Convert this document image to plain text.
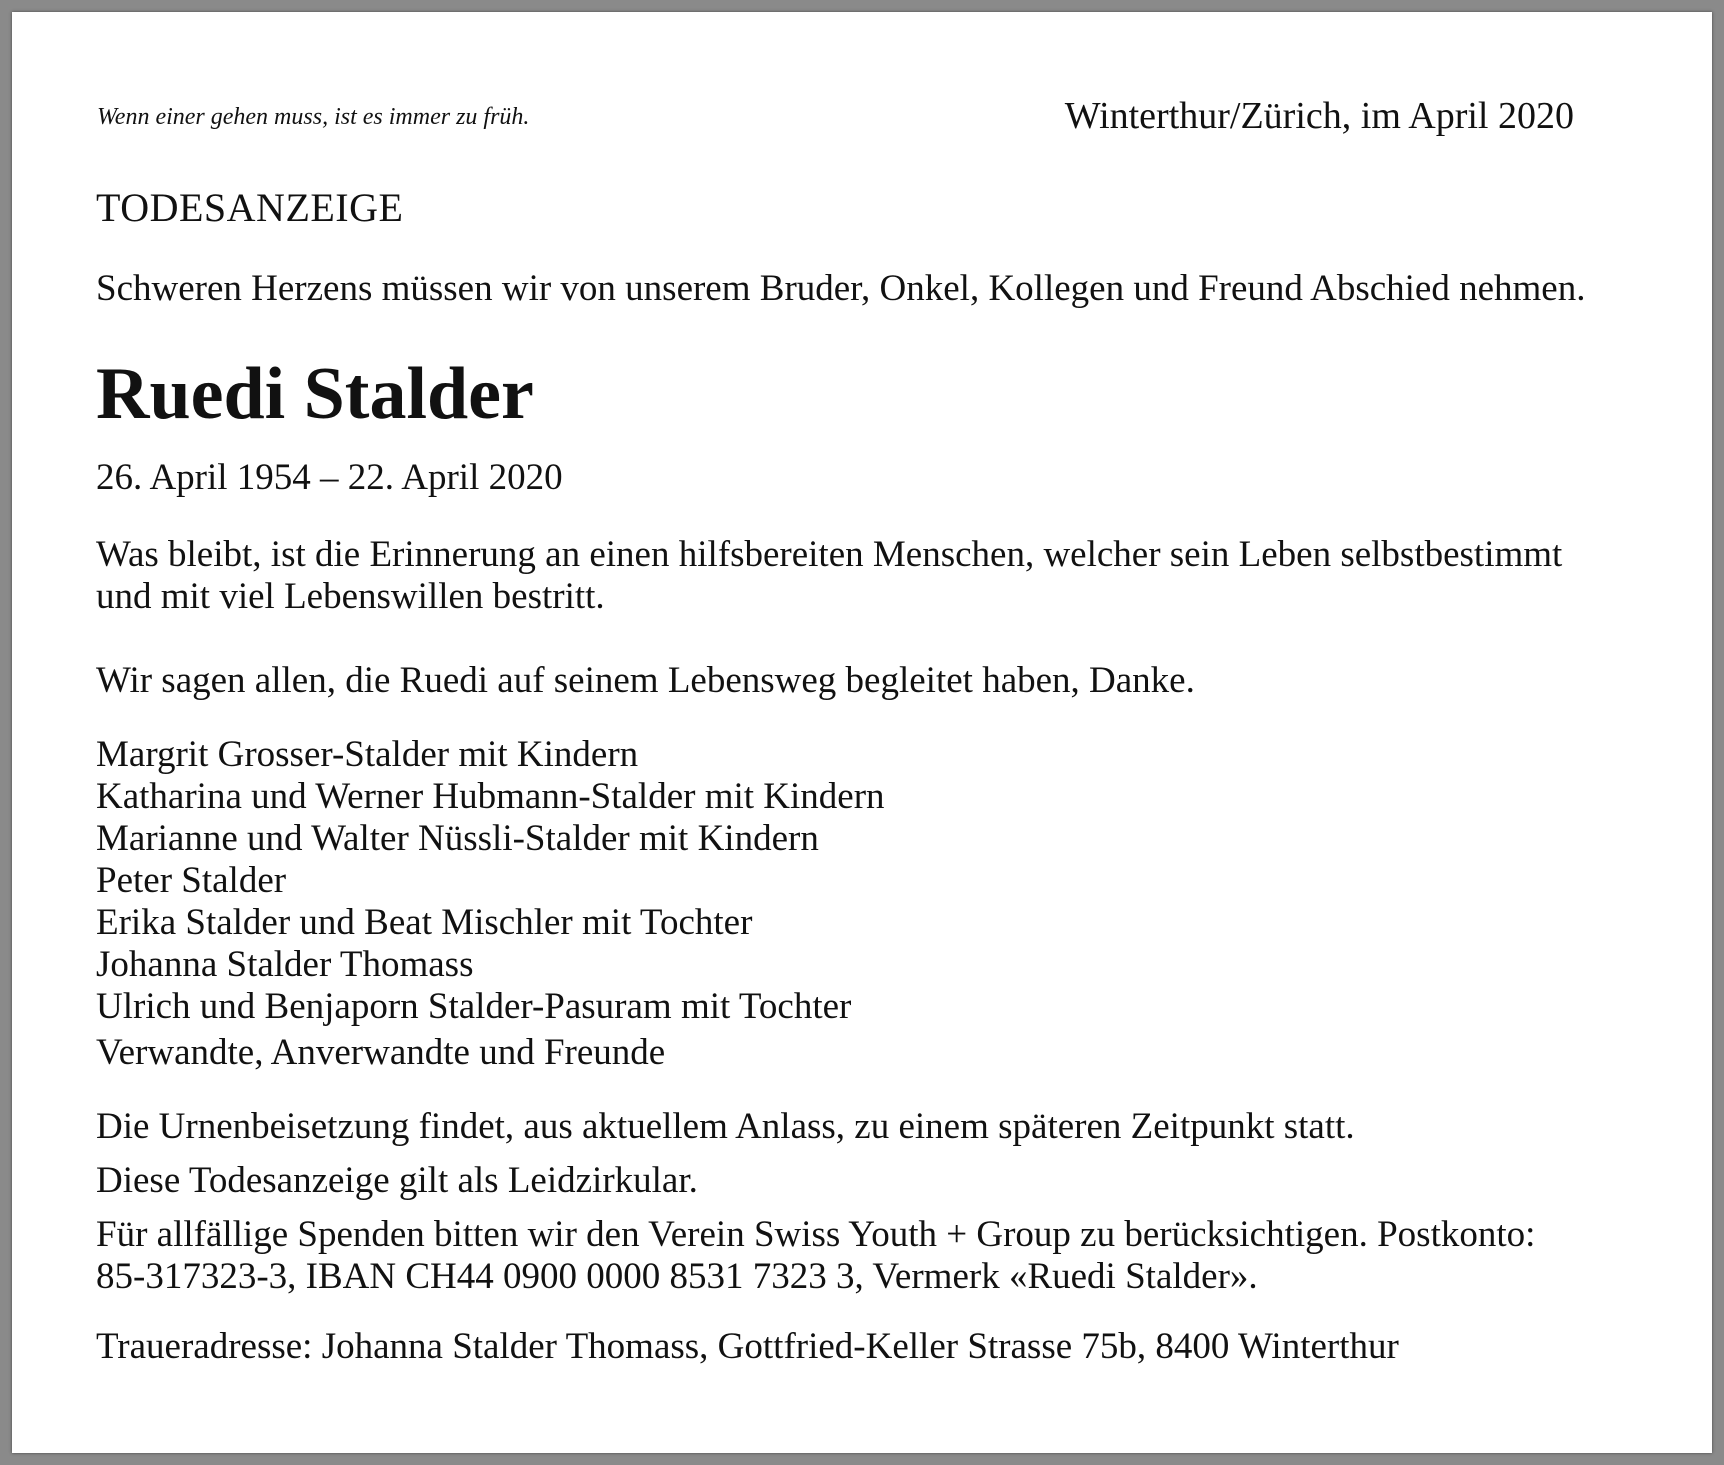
Wenn einer gehen muss, ist es immer zu früh.	Winterthur/Zürich, im April 2020

TODESANZEIGE

Schweren Herzens müssen wir von unserem Bruder, Onkel, Kollegen und Freund Abschied nehmen.

Ruedi Stalder

26. April 1954 – 22. April 2020

Was bleibt, ist die Erinnerung an einen hilfsbereiten Menschen, welcher sein Leben selbstbestimmt
und mit viel Lebenswillen bestritt.
Wir sagen allen, die Ruedi auf seinem Lebensweg begleitet haben, Danke.
Margrit Grosser-Stalder mit Kindern
Katharina und Werner Hubmann-Stalder mit Kindern
Marianne und Walter Nüssli-Stalder mit Kindern
Peter Stalder
Erika Stalder und Beat Mischler mit Tochter
Johanna Stalder Thomass
Ulrich und Benjaporn Stalder-Pasuram mit Tochter
Verwandte, Anverwandte und Freunde
Die Urnenbeisetzung findet, aus aktuellem Anlass, zu einem späteren Zeitpunkt statt.
Diese Todesanzeige gilt als Leidzirkular.
Für allfällige Spenden bitten wir den Verein Swiss Youth + Group zu berücksichtigen. Postkonto:
85-317323-3, IBAN CH44 0900 0000 8531 7323 3, Vermerk «Ruedi Stalder».
Traueradresse: Johanna Stalder Thomass, Gottfried-Keller Strasse 75b, 8400 Winterthur
